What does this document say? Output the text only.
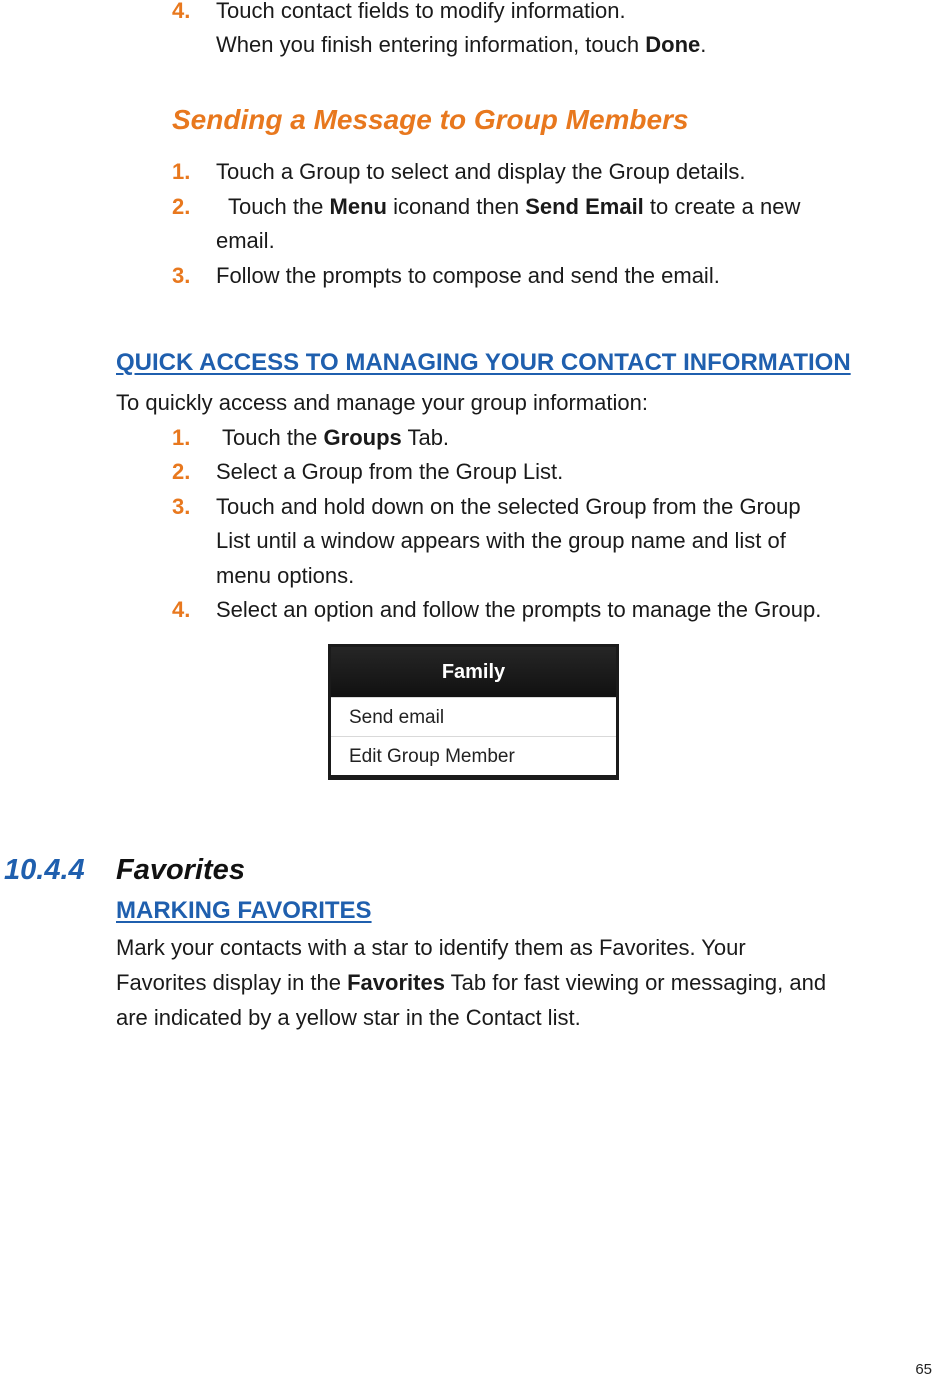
4. Touch contact fields to modify information.
When you finish entering information, touch Done.
Sending a Message to Group Members
1. Touch a Group to select and display the Group details.
2. Touch the Menu iconand then Send Email to create a new
email.
3. Follow the prompts to compose and send the email.
QUICK ACCESS TO MANAGING YOUR CONTACT INFORMATION
To quickly access and manage your group information:
1. Touch the Groups Tab.
2. Select a Group from the Group List.
3. Touch and hold down on the selected Group from the Group
List until a window appears with the group name and list of
menu options.
4. Select an option and follow the prompts to manage the Group.
Family
Send email
Edit Group Member
10.4.4 Favorites
MARKING FAVORITES
Mark your contacts with a star to identify them as Favorites. Your
Favorites display in the Favorites Tab for fast viewing or messaging, and
are indicated by a yellow star in the Contact list.
65
